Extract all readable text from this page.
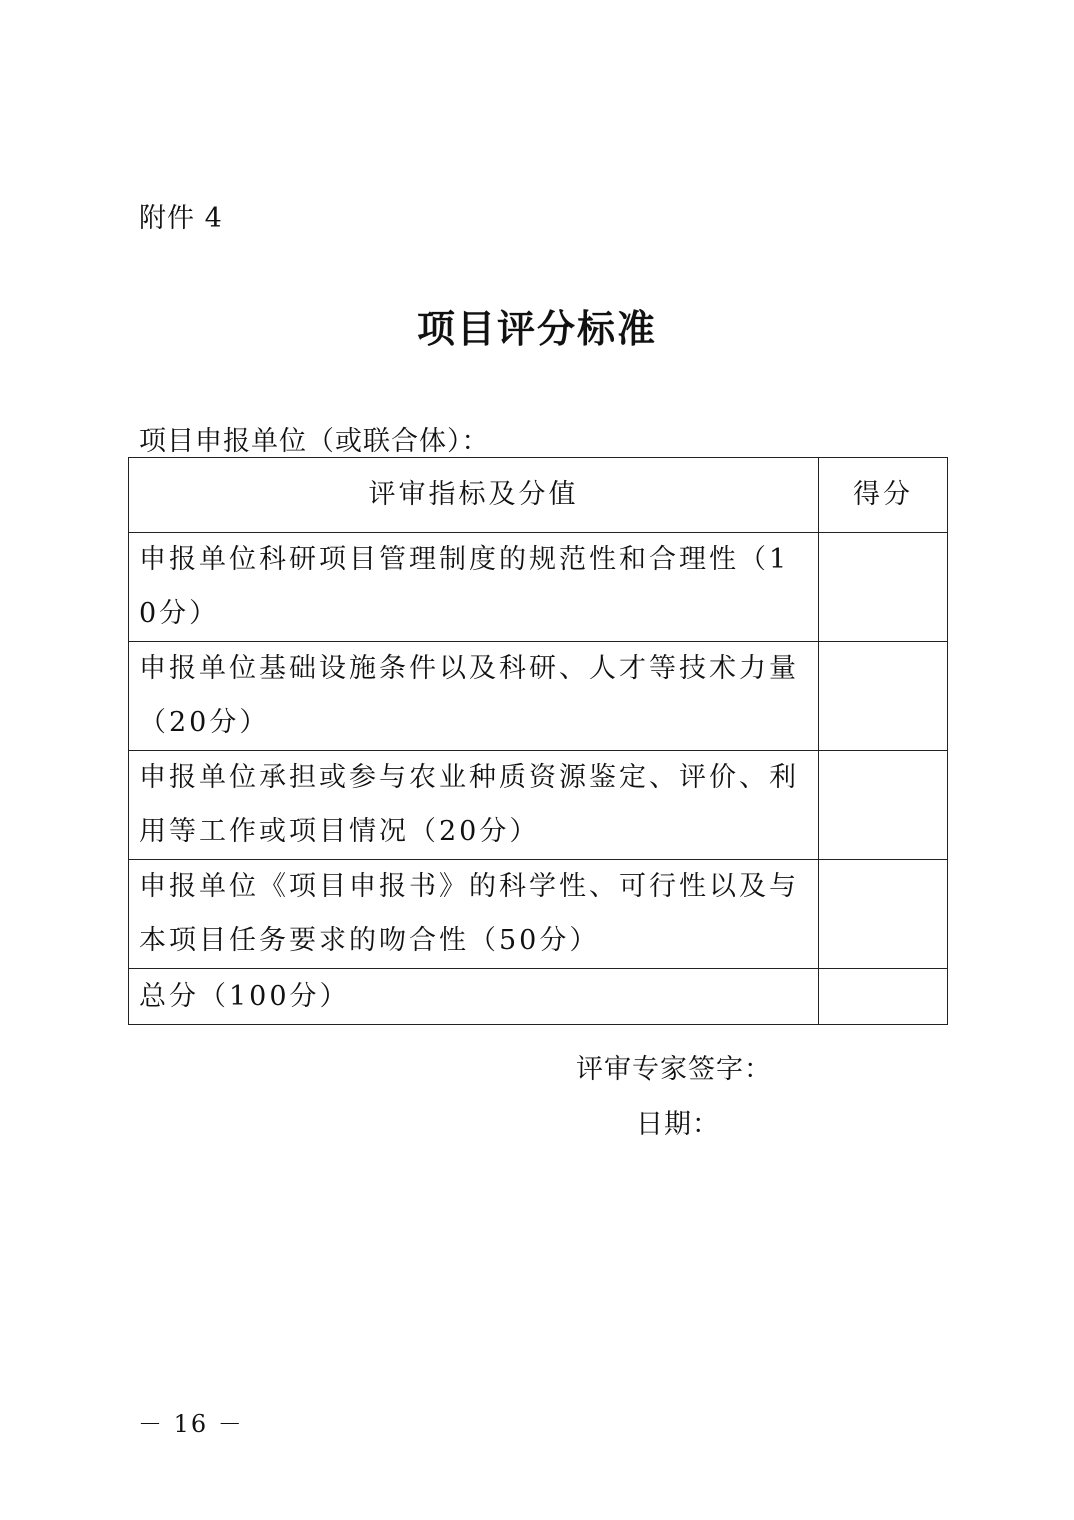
附件 4
项目评分标准
项目申报单位（或联合体）：
评审指标及分值	得分
申报单位科研项目管理制度的规范性和合理性（10分）	
申报单位基础设施条件以及科研、人才等技术力量（20分）	
申报单位承担或参与农业种质资源鉴定、评价、利用等工作或项目情况（20分）	
申报单位《项目申报书》的科学性、可行性以及与本项目任务要求的吻合性（50分）	
总分（100分）	
评审专家签字：
日期：
－ 16 －
